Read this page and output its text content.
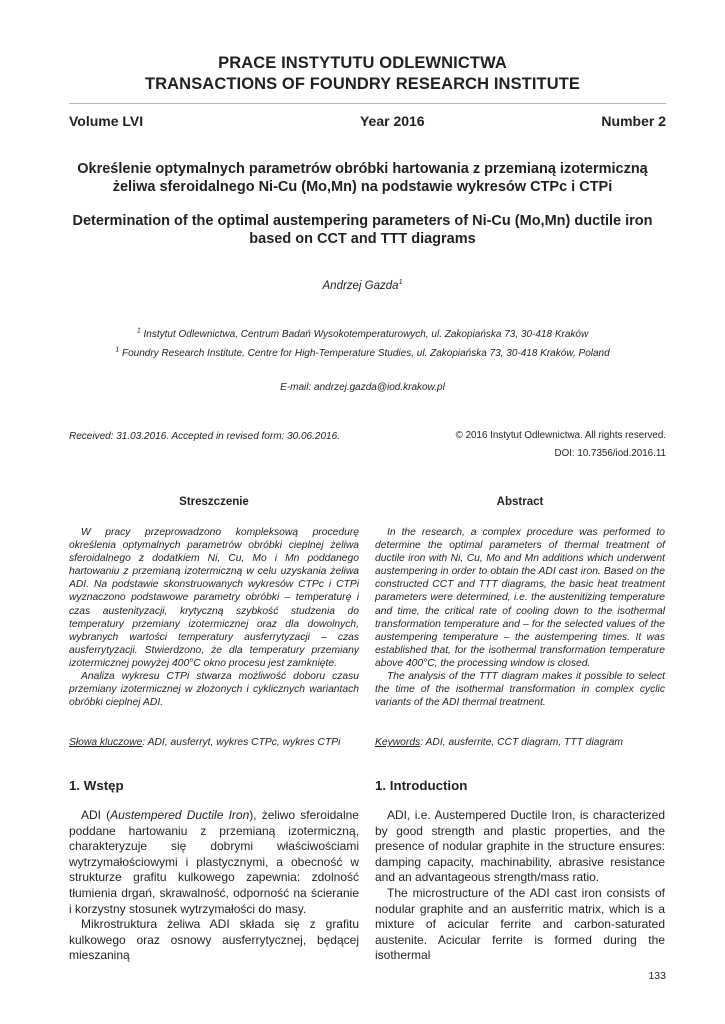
PRACE INSTYTUTU ODLEWNICTWA
TRANSACTIONS OF FOUNDRY RESEARCH INSTITUTE
Volume LVI	Year 2016	Number 2
Określenie optymalnych parametrów obróbki hartowania z przemianą izotermiczną
żeliwa sferoidalnego Ni-Cu (Mo,Mn) na podstawie wykresów CTPc i CTPi
Determination of the optimal austempering parameters of Ni-Cu (Mo,Mn) ductile iron
based on CCT and TTT diagrams
Andrzej Gazda$^1$
$^1$ Instytut Odlewnictwa, Centrum Badań Wysokotemperaturowych, ul. Zakopiańska 73, 30-418 Kraków
$^1$ Foundry Research Institute, Centre for High-Temperature Studies, ul. Zakopiańska 73, 30-418 Kraków, Poland
E-mail: andrzej.gazda@iod.krakow.pl
Received: 31.03.2016. Accepted in revised form: 30.06.2016.	© 2016 Instytut Odlewnictwa. All rights reserved.
DOI: 10.7356/iod.2016.11
Streszczenie

W pracy przeprowadzono kompleksową procedurę określenia optymalnych parametrów obróbki cieplnej żeliwa sferoidalnego z dodatkiem Ni, Cu, Mo i Mn poddanego hartowaniu z przemianą izotermiczną w celu uzyskania żeliwa ADI. Na podstawie skonstruowanych wykresów CTPc i CTPi wyznaczono podstawowe parametry obróbki – temperaturę i czas austenityzacji, krytyczną szybkość studzenia do temperatury przemiany izotermicznej oraz dla dowolnych, wybranych wartości temperatury ausferrytyzacji – czas ausferrytyzacji. Stwierdzono, że dla temperatury przemiany izotermicznej powyżej 400°C okno procesu jest zamknięte.

Analiza wykresu CTPi stwarza możliwość doboru czasu przemiany izotermicznej w złożonych i cyklicznych wariantach obróbki cieplnej ADI.

Słowa kluczowe: ADI, ausferryt, wykres CTPc, wykres CTPi
Abstract

In the research, a complex procedure was performed to determine the optimal parameters of thermal treatment of ductile iron with Ni, Cu, Mo and Mn additions which underwent austempering in order to obtain the ADI cast iron. Based on the constructed CCT and TTT diagrams, the basic heat treatment parameters were determined, i.e. the austenitizing temperature and time, the critical rate of cooling down to the isothermal transformation temperature and – for the selected values of the austempering temperature – the austempering times. It was established that, for the isothermal transformation temperature above 400°C, the processing window is closed.

The analysis of the TTT diagram makes it possible to select the time of the isothermal transformation in complex cyclic variants of the ADI thermal treatment.

Keywords: ADI, ausferrite, CCT diagram, TTT diagram
1. Wstęp

ADI (Austempered Ductile Iron), żeliwo sferoidalne poddane hartowaniu z przemianą izotermiczną, charakteryzuje się dobrymi właściwościami wytrzymałościowymi i plastycznymi, a obecność w strukturze grafitu kulkowego zapewnia: zdolność tłumienia drgań, skrawalność, odporność na ścieranie i korzystny stosunek wytrzymałości do masy.

Mikrostruktura żeliwa ADI składa się z grafitu kulkowego oraz osnowy ausferrytycznej, będącej mieszaniną

1. Introduction

ADI, i.e. Austempered Ductile Iron, is characterized by good strength and plastic properties, and the presence of nodular graphite in the structure ensures: damping capacity, machinability, abrasive resistance and an advantageous strength/mass ratio.

The microstructure of the ADI cast iron consists of nodular graphite and an ausferritic matrix, which is a mixture of acicular ferrite and carbon-saturated austenite. Acicular ferrite is formed during the isothermal

133
